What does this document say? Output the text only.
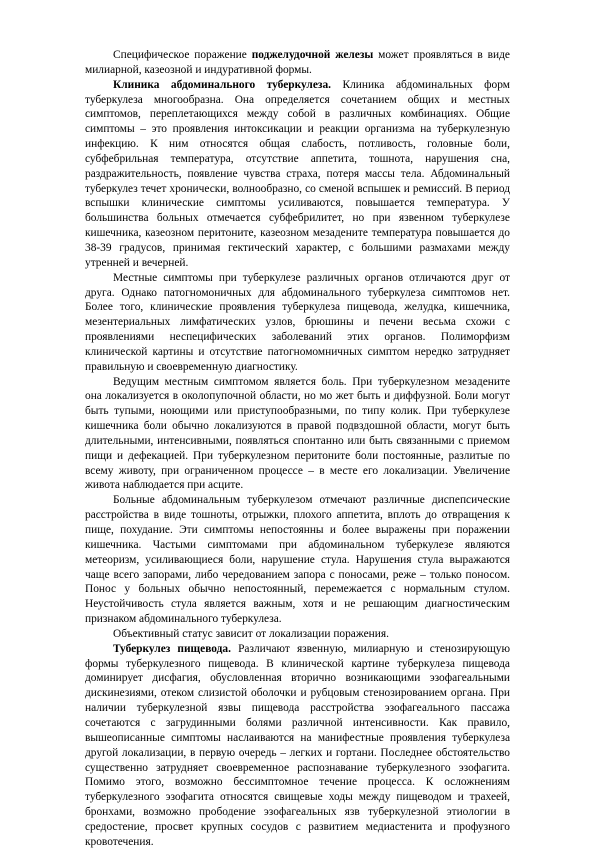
Специфическое поражение поджелудочной железы может проявляться в виде милиарной, казеозной и индуративной формы.

Клиника абдоминального туберкулеза. Клиника абдоминальных форм туберкулеза многообразна. Она определяется сочетанием общих и местных симптомов, переплетающихся между собой в различных комбинациях. Общие симптомы – это проявления интоксикации и реакции организма на туберкулезную инфекцию. К ним относятся общая слабость, потливость, головные боли, субфебрильная температура, отсутствие аппетита, тошнота, нарушения сна, раздражительность, появление чувства страха, потеря массы тела. Абдоминальный туберкулез течет хронически, волнообразно, со сменой вспышек и ремиссий. В период вспышки клинические симптомы усиливаются, повышается температура. У большинства больных отмечается субфебрилитет, но при язвенном туберкулезе кишечника, казеозном перитоните, казеозном мезадените температура повышается до 38-39 градусов, принимая гектический характер, с большими размахами между утренней и вечерней.

Местные симптомы при туберкулезе различных органов отличаются друг от друга. Однако патогномоничных для абдоминального туберкулеза симптомов нет. Более того, клинические проявления туберкулеза пищевода, желудка, кишечника, мезентериальных лимфатических узлов, брюшины и печени весьма схожи с проявлениями неспецифических заболеваний этих органов. Полиморфизм клинической картины и отсутствие патогномомничных симптом нередко затрудняет правильную и своевременную диагностику.

Ведущим местным симптомом является боль. При туберкулезном мезадените она локализуется в околопупочной области, но мо жет быть и диффузной. Боли могут быть тупыми, ноющими или приступообразными, по типу колик. При туберкулезе кишечника боли обычно локализуются в правой подвздошной области, могут быть длительными, интенсивными, появляться спонтанно или быть связанными с приемом пищи и дефекацией. При туберкулезном перитоните боли постоянные, разлитые по всему животу, при ограниченном процессе – в месте его локализации. Увеличение живота наблюдается при асците.

Больные абдоминальным туберкулезом отмечают различные диспепсические расстройства в виде тошноты, отрыжки, плохого аппетита, вплоть до отвращения к пище, похудание. Эти симптомы непостоянны и более выражены при поражении кишечника. Частыми симптомами при абдоминальном туберкулезе являются метеоризм, усиливающиеся боли, нарушение стула. Нарушения стула выражаются чаще всего запорами, либо чередованием запора с поносами, реже – только поносом. Понос у больных обычно непостоянный, перемежается с нормальным стулом. Неустойчивость стула является важным, хотя и не решающим диагностическим признаком абдоминального туберкулеза.

Объективный статус зависит от локализации поражения.

Туберкулез пищевода. Различают язвенную, милиарную и стенозирующую формы туберкулезного пищевода. В клинической картине туберкулеза пищевода доминирует дисфагия, обусловленная вторично возникающими эзофагеальными дискинезиями, отеком слизистой оболочки и рубцовым стенозированием органа. При наличии туберкулезной язвы пищевода расстройства эзофагеального пассажа сочетаются с загрудинными болями различной интенсивности. Как правило, вышеописанные симптомы наслаиваются на манифестные проявления туберкулеза другой локализации, в первую очередь – легких и гортани. Последнее обстоятельство существенно затрудняет своевременное распознавание туберкулезного эзофагита. Помимо этого, возможно бессимптомное течение процесса. К осложнениям туберкулезного эзофагита относятся свищевые ходы между пищеводом и трахеей, бронхами, возможно прободение эзофагеальных язв туберкулезной этиологии в средостение, просвет крупных сосудов с развитием медиастенита и профузного кровотечения.
